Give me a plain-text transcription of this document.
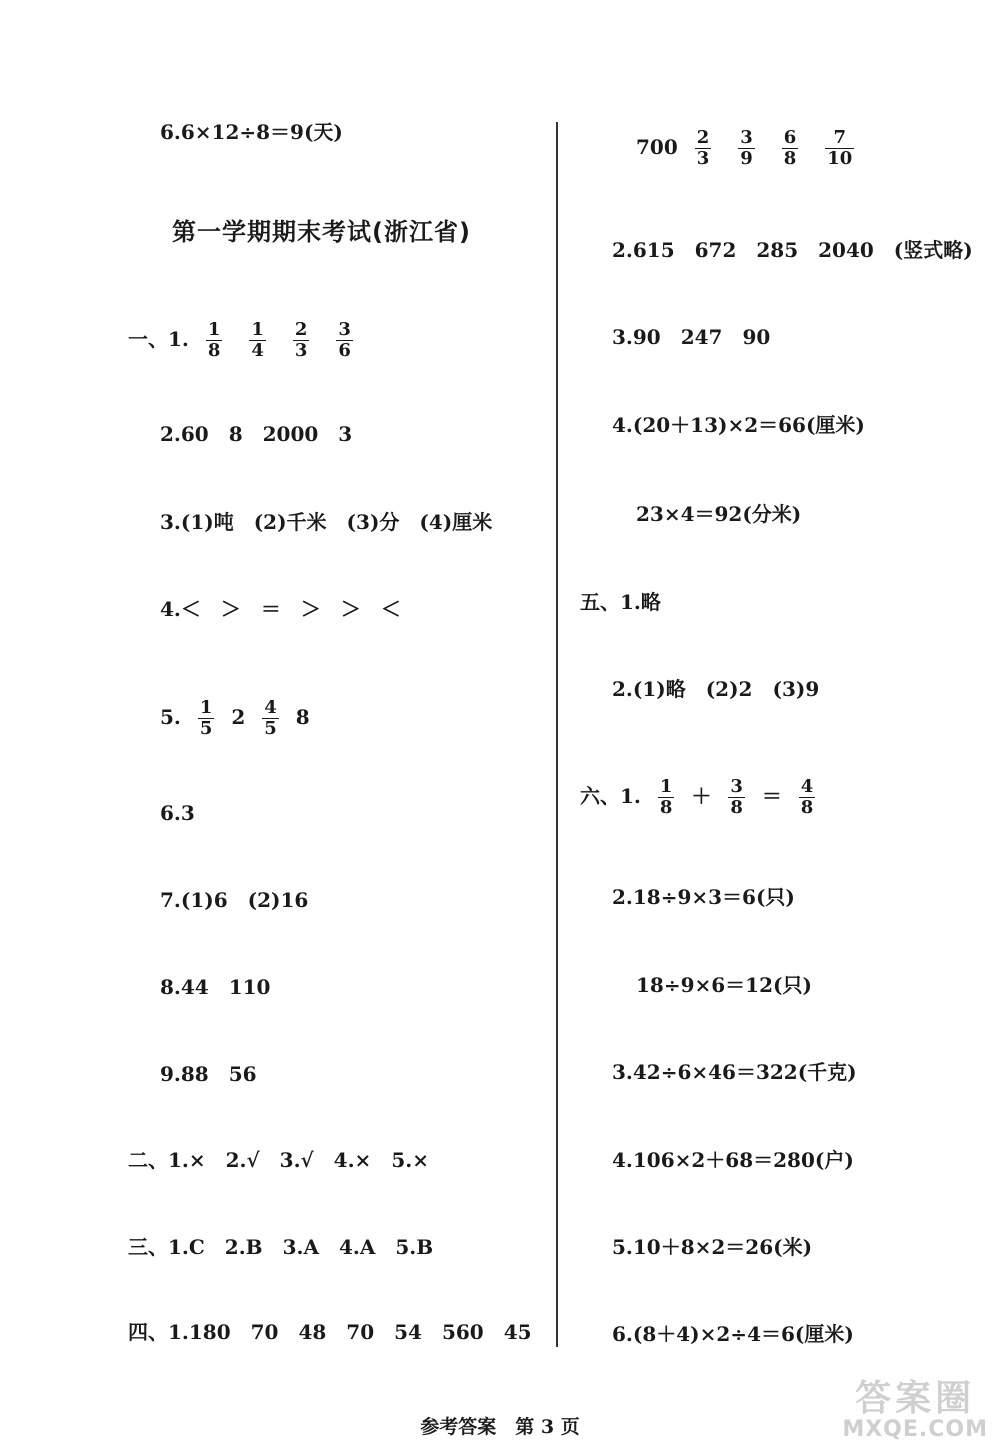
6.6×12÷8＝9(天)
第一学期期末考试(浙江省)
一、1. $\frac{1}{8}$
$\frac{1}{4}$
$\frac{2}{3}$
$\frac{3}{6}$
2.60　8　2000　3
3.(1)吨　(2)千米　(3)分　(4)厘米
4.＜　＞　＝　＞　＞　＜
5. $\frac{1}{5} 2 \frac{4}{5} 8$
6.3
7.(1)6　(2)16
8.44　110
9.88　56
二、1.×　2.√　3.√　4.×　5.×
三、1.C　2.B　3.A　4.A　5.B
四、1.180　70　48　70　54　560　45
$700 \frac{2}{3}$
$\frac{3}{9}$
$\frac{6}{8}$
$\frac{7}{10}$
2.615　672　285　2040　(竖式略)
3.90　247　90
4.(20＋13)×2＝66(厘米)
23×4＝92(分米)
五、1.略
2.(1)略　(2)2　(3)9
六、1. $\frac{1}{8} + \frac{3}{8} = \frac{4}{8}$
2.18÷9×3＝6(只)
18÷9×6＝12(只)
3.42÷6×46＝322(千克)
4.106×2＋68＝280(户)
5.10＋8×2＝26(米)
6.(8＋4)×2÷4＝6(厘米)
参考答案　第 3 页
答案圈
MXQE.COM
